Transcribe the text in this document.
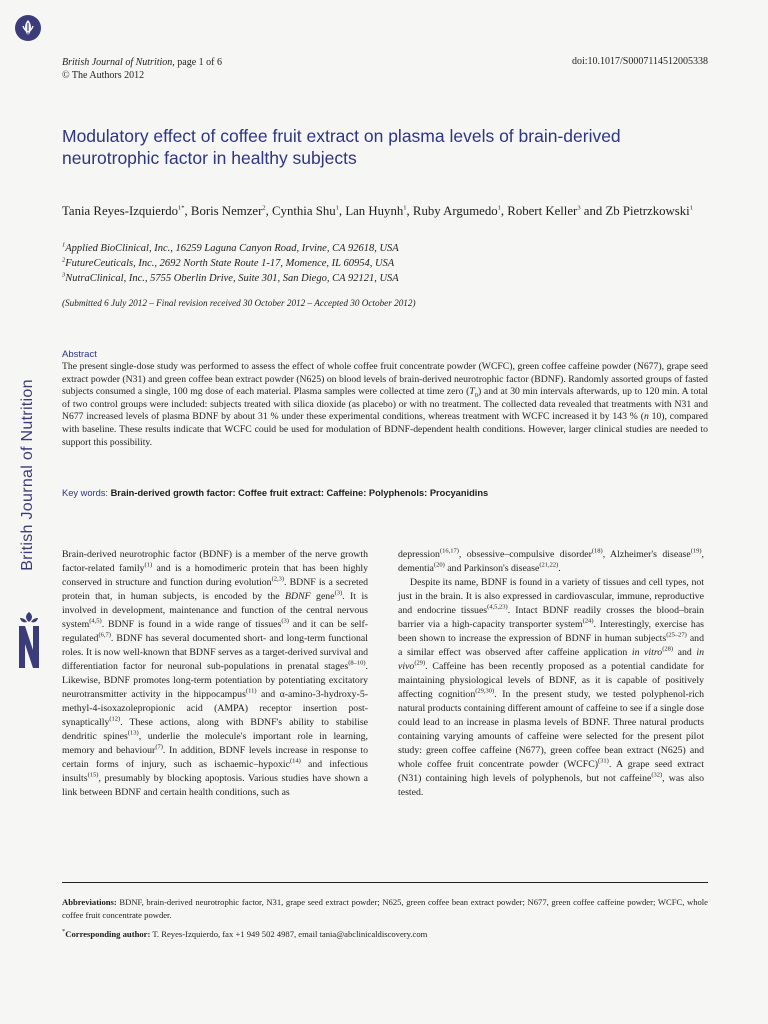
British Journal of Nutrition
British Journal of Nutrition, page 1 of 6
© The Authors 2012
doi:10.1017/S0007114512005338
Modulatory effect of coffee fruit extract on plasma levels of brain-derived neurotrophic factor in healthy subjects
Tania Reyes-Izquierdo$^{1*}$, Boris Nemzer$^2$, Cynthia Shu$^1$, Lan Huynh$^1$, Ruby Argumedo$^1$, Robert Keller$^3$ and Zb Pietrzkowski$^1$
$^1$Applied BioClinical, Inc., 16259 Laguna Canyon Road, Irvine, CA 92618, USA
$^2$FutureCeuticals, Inc., 2692 North State Route 1-17, Momence, IL 60954, USA
$^3$NutraClinical, Inc., 5755 Oberlin Drive, Suite 301, San Diego, CA 92121, USA
(Submitted 6 July 2012 – Final revision received 30 October 2012 – Accepted 30 October 2012)
Abstract

The present single-dose study was performed to assess the effect of whole coffee fruit concentrate powder (WCFC), green coffee caffeine powder (N677), grape seed extract powder (N31) and green coffee bean extract powder (N625) on blood levels of brain-derived neurotrophic factor (BDNF). Randomly assorted groups of fasted subjects consumed a single, 100 mg dose of each material. Plasma samples were collected at time zero $(T_0)$ and at 30 min intervals afterwards, up to 120 min. A total of two control groups were included: subjects treated with silica dioxide (as placebo) or with no treatment. The collected data revealed that treatments with N31 and N677 increased levels of plasma BDNF by about 31 % under these experimental conditions, whereas treatment with WCFC increased it by 143 % (n 10), compared with baseline. These results indicate that WCFC could be used for modulation of BDNF-dependent health conditions. However, larger clinical studies are needed to support this possibility.

Key words: Brain-derived growth factor: Coffee fruit extract: Caffeine: Polyphenols: Procyanidins

Brain-derived neurotrophic factor (BDNF) is a member of the nerve growth factor-related family$^{(1)}$ and is a homodimeric protein that has been highly conserved in structure and function during evolution$^{(2,3)}$. BDNF is a secreted protein that, in human subjects, is encoded by the BDNF gene$^{(3)}$. It is involved in development, maintenance and function of the central nervous system$^{(4,5)}$. BDNF is found in a wide range of tissues$^{(3)}$ and it can be self-regulated$^{(6,7)}$. BDNF has several documented short- and long-term functional roles. It is now well-known that BDNF serves as a target-derived survival and differentiation factor for neuronal sub-populations in prenatal stages$^{(8-10)}$. Likewise, BDNF promotes long-term potentiation by potentiating excitatory neurotransmitter activity in the hippocampus$^{(11)}$ and α-amino-3-hydroxy-5-methyl-4-isoxazolepropionic acid (AMPA) receptor insertion post-synaptically$^{(12)}$. These actions, along with BDNF's ability to stabilise dendritic spines$^{(13)}$, underlie the molecule's important role in learning, memory and behaviour$^{(7)}$. In addition, BDNF levels increase in response to certain forms of injury, such as ischaemic–hypoxic$^{(14)}$ and infectious insults$^{(15)}$, presumably by blocking apoptosis. Various studies have shown a link between BDNF and certain health conditions, such as

depression$^{(16,17)}$, obsessive–compulsive disorder$^{(18)}$, Alzheimer's disease$^{(19)}$, dementia$^{(20)}$ and Parkinson's disease$^{(21,22)}$.
Despite its name, BDNF is found in a variety of tissues and cell types, not just in the brain. It is also expressed in cardiovascular, immune, reproductive and endocrine tissues$^{(4,5,23)}$. Intact BDNF readily crosses the blood–brain barrier via a high-capacity transporter system$^{(24)}$. Interestingly, exercise has been shown to increase the expression of BDNF in human subjects$^{(25-27)}$ and a similar effect was observed after caffeine application in vitro$^{(28)}$ and in vivo$^{(29)}$. Caffeine has been recently proposed as a potential candidate for maintaining physiological levels of BDNF, as it is capable of positively affecting cognition$^{(29,30)}$. In the present study, we tested polyphenol-rich natural products containing different amount of caffeine to see if a single dose could lead to an increase in plasma levels of BDNF. Three natural products containing varying amounts of caffeine were selected for the present pilot study: green coffee caffeine (N677), green coffee bean extract (N625) and whole coffee fruit concentrate powder (WCFC)$^{(31)}$. A grape seed extract (N31) containing high levels of polyphenols, but not caffeine$^{(32)}$, was also tested.

Abbreviations: BDNF, brain-derived neurotrophic factor, N31, grape seed extract powder; N625, green coffee bean extract powder; N677, green coffee caffeine powder; WCFC, whole coffee fruit concentrate powder.

*Corresponding author: T. Reyes-Izquierdo, fax +1 949 502 4987, email tania@abclinicaldiscovery.com
